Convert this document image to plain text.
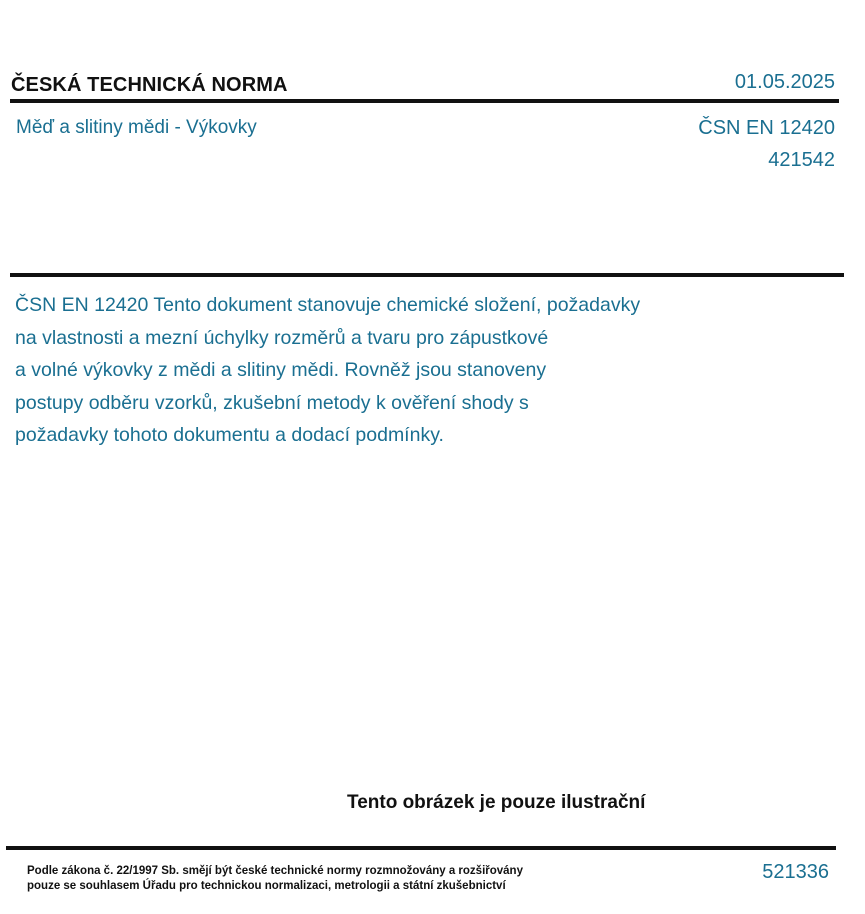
ČESKÁ TECHNICKÁ NORMA	01.05.2025
Měď a slitiny mědi - Výkovky	ČSN EN 12420
421542
ČSN EN 12420 Tento dokument stanovuje chemické složení, požadavky
na vlastnosti a mezní úchylky rozměrů a tvaru pro zápustkové
a volné výkovky z mědi a slitiny mědi. Rovněž jsou stanoveny
postupy odběru vzorků, zkušební metody k ověření shody s
požadavky tohoto dokumentu a dodací podmínky.
Tento obrázek je pouze ilustrační
Podle zákona č. 22/1997 Sb. smějí být české technické normy rozmnožovány a rozšiřovány
pouze se souhlasem Úřadu pro technickou normalizaci, metrologii a státní zkušebnictví
521336
